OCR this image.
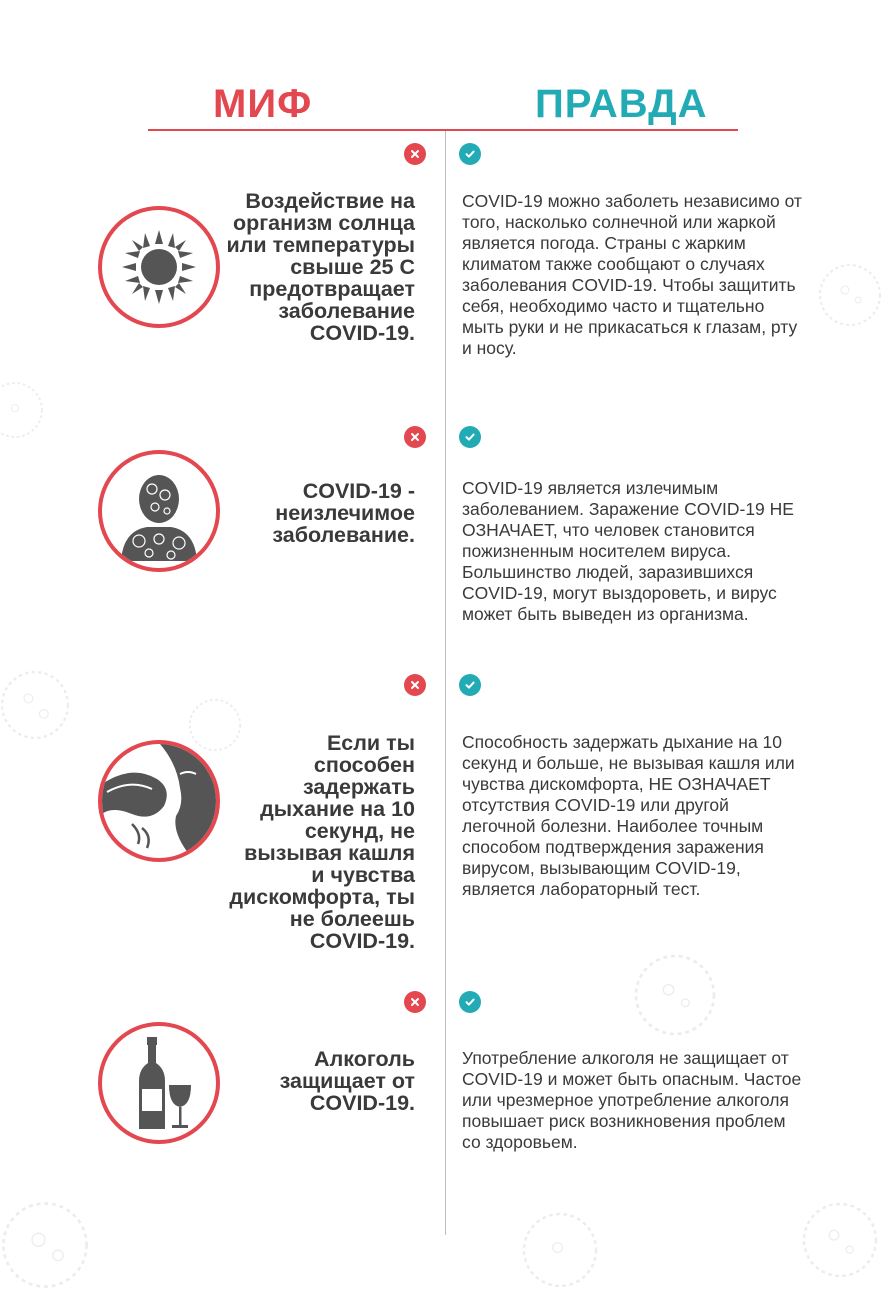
МИФ	ПРАВДА
Воздействие на организм солнца или температуры свыше 25 С предотвращает заболевание COVID-19.
COVID-19 можно заболеть независимо от того, насколько солнечной или жаркой является погода. Страны с жарким климатом также сообщают о случаях заболевания COVID-19. Чтобы защитить себя, необходимо часто и тщательно мыть руки и не прикасаться к глазам, рту и носу.
COVID-19 - неизлечимое заболевание.
COVID-19 является излечимым заболеванием. Заражение COVID-19 НЕ ОЗНАЧАЕТ, что человек становится пожизненным носителем вируса. Большинство людей, заразившихся COVID-19, могут выздороветь, и вирус может быть выведен из организма.
Если ты способен задержать дыхание на 10 секунд, не вызывая кашля и чувства дискомфорта, ты не болеешь COVID-19.
Способность задержать дыхание на 10 секунд и больше, не вызывая кашля или чувства дискомфорта, НЕ ОЗНАЧАЕТ отсутствия COVID-19 или другой легочной болезни. Наиболее точным способом подтверждения заражения вирусом, вызывающим COVID-19, является лабораторный тест.
Алкоголь защищает от COVID-19.
Употребление алкоголя не защищает от COVID-19 и может быть опасным. Частое или чрезмерное употребление алкоголя повышает риск возникновения проблем со здоровьем.
